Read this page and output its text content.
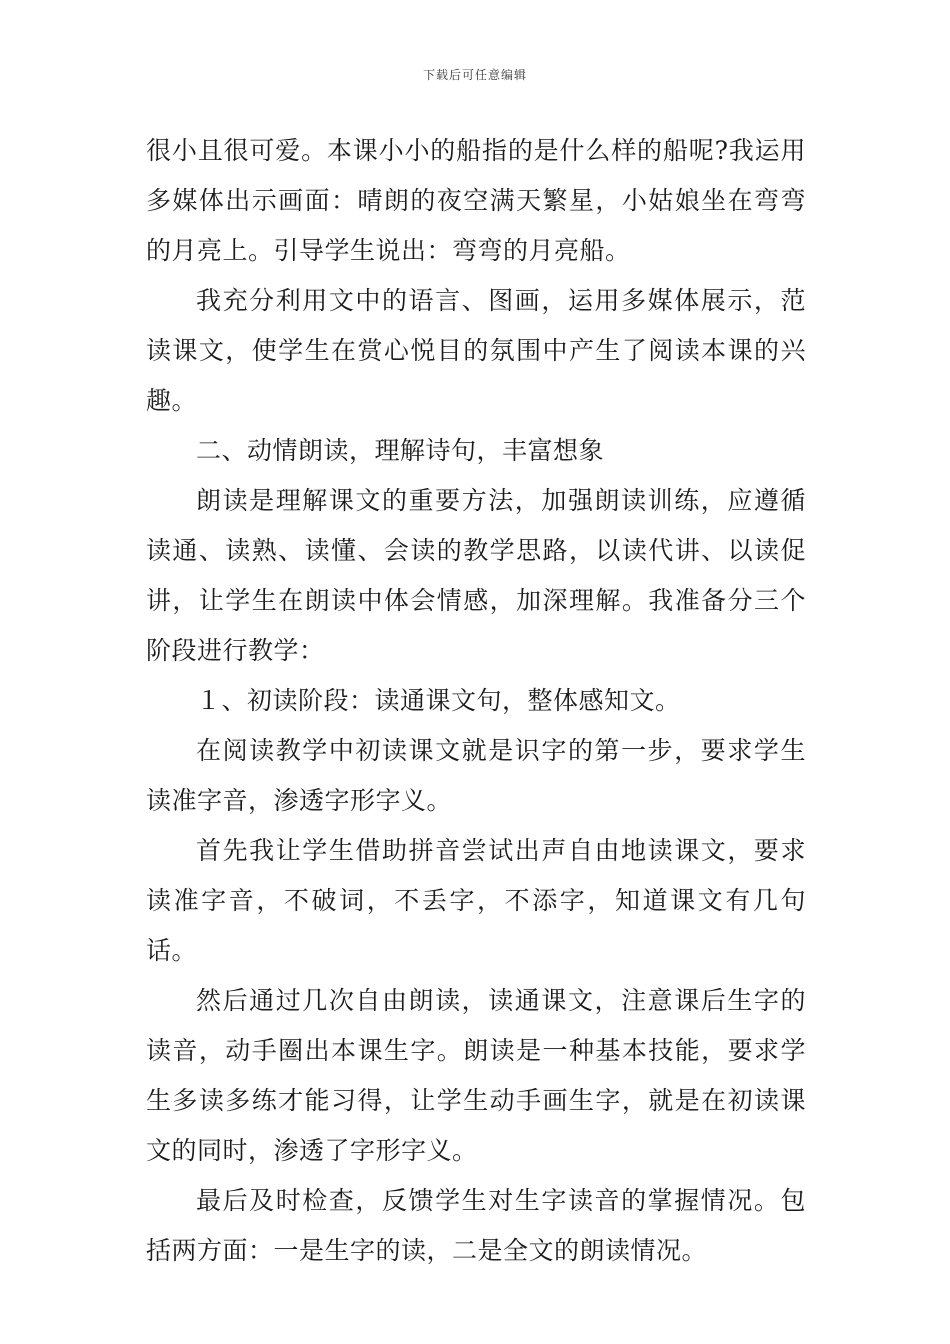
下载后可任意编辑

很小且很可爱。本课小小的船指的是什么样的船呢?我运用多媒体出示画面：晴朗的夜空满天繁星，小姑娘坐在弯弯的月亮上。引导学生说出：弯弯的月亮船。

我充分利用文中的语言、图画，运用多媒体展示，范读课文，使学生在赏心悦目的氛围中产生了阅读本课的兴趣。

二、动情朗读，理解诗句，丰富想象

朗读是理解课文的重要方法，加强朗读训练，应遵循读通、读熟、读懂、会读的教学思路，以读代讲、以读促讲，让学生在朗读中体会情感，加深理解。我准备分三个阶段进行教学：

１、初读阶段：读通课文句，整体感知文。

在阅读教学中初读课文就是识字的第一步，要求学生读准字音，渗透字形字义。

首先我让学生借助拼音尝试出声自由地读课文，要求读准字音，不破词，不丢字，不添字，知道课文有几句话。

然后通过几次自由朗读，读通课文，注意课后生字的读音，动手圈出本课生字。朗读是一种基本技能，要求学生多读多练才能习得，让学生动手画生字，就是在初读课文的同时，渗透了字形字义。

最后及时检查，反馈学生对生字读音的掌握情况。包括两方面：一是生字的读，二是全文的朗读情况。
